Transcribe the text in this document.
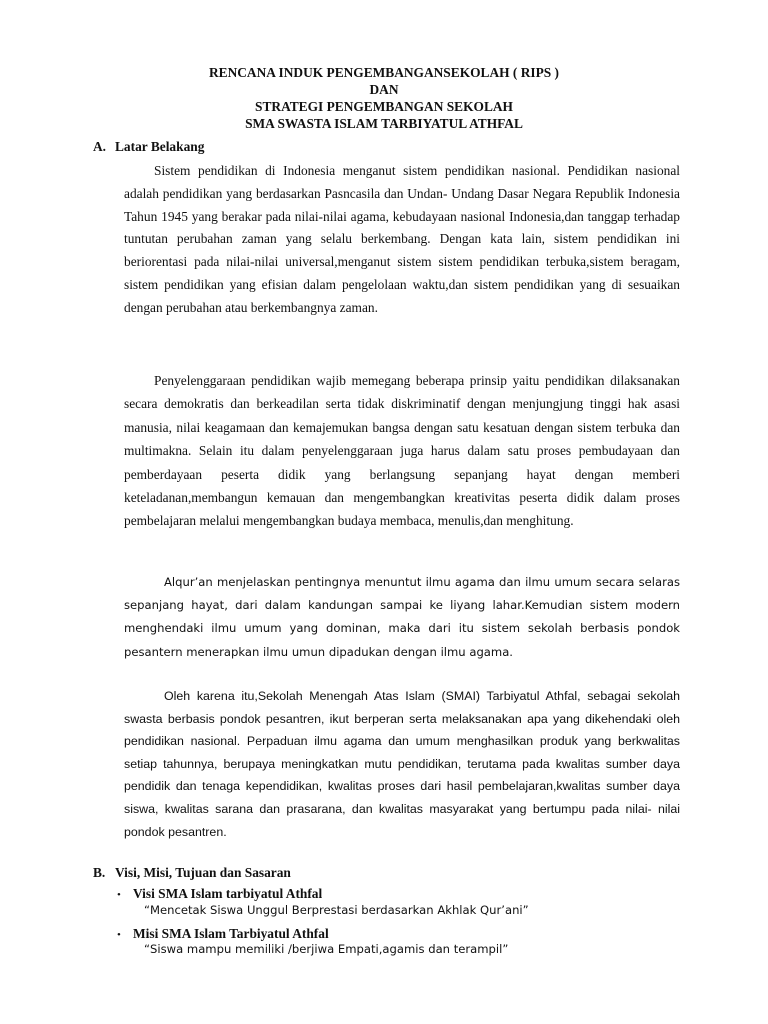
RENCANA INDUK PENGEMBANGANSEKOLAH ( RIPS )
DAN
STRATEGI PENGEMBANGAN SEKOLAH
SMA SWASTA ISLAM TARBIYATUL ATHFAL
A. Latar Belakang

Sistem pendidikan di Indonesia menganut sistem pendidikan nasional. Pendidikan nasional adalah pendidikan yang berdasarkan Pasncasila dan Undan- Undang Dasar Negara Republik Indonesia Tahun 1945 yang berakar pada nilai-nilai agama, kebudayaan nasional Indonesia,dan tanggap terhadap tuntutan perubahan zaman yang selalu berkembang. Dengan kata lain, sistem pendidikan ini beriorentasi pada nilai-nilai universal,menganut sistem sistem pendidikan terbuka,sistem beragam, sistem pendidikan yang efisian dalam pengelolaan waktu,dan sistem pendidikan yang di sesuaikan dengan perubahan atau berkembangnya zaman.

Penyelenggaraan pendidikan wajib memegang beberapa prinsip yaitu pendidikan dilaksanakan secara demokratis dan berkeadilan serta tidak diskriminatif dengan menjungjung tinggi hak asasi manusia, nilai keagamaan dan kemajemukan bangsa dengan satu kesatuan dengan sistem terbuka dan multimakna. Selain itu dalam penyelenggaraan juga harus dalam satu proses pembudayaan dan pemberdayaan peserta didik yang berlangsung sepanjang hayat dengan memberi keteladanan,membangun kemauan dan mengembangkan kreativitas peserta didik dalam proses pembelajaran melalui mengembangkan budaya membaca, menulis,dan menghitung.

Alqur’an menjelaskan pentingnya menuntut ilmu agama dan ilmu umum secara selaras sepanjang hayat, dari dalam kandungan sampai ke liyang lahar.Kemudian sistem modern menghendaki ilmu umum yang dominan, maka dari itu sistem sekolah berbasis pondok pesantern menerapkan ilmu umun dipadukan dengan ilmu agama.

Oleh karena itu,Sekolah Menengah Atas Islam (SMAI) Tarbiyatul Athfal, sebagai sekolah swasta berbasis pondok pesantren, ikut berperan serta melaksanakan apa yang dikehendaki oleh pendidikan nasional. Perpaduan ilmu agama dan umum menghasilkan produk yang berkwalitas setiap tahunnya, berupaya meningkatkan mutu pendidikan, terutama pada kwalitas sumber daya pendidik dan tenaga kependidikan, kwalitas proses dari hasil pembelajaran,kwalitas sumber daya siswa, kwalitas sarana dan prasarana, dan kwalitas masyarakat yang bertumpu pada nilai- nilai pondok pesantren.

B. Visi, Misi, Tujuan dan Sasaran
• Visi SMA Islam tarbiyatul Athfal
“Mencetak Siswa Unggul Berprestasi berdasarkan Akhlak Qur’ani”
• Misi SMA Islam Tarbiyatul Athfal
“Siswa mampu memiliki /berjiwa Empati,agamis dan terampil”
